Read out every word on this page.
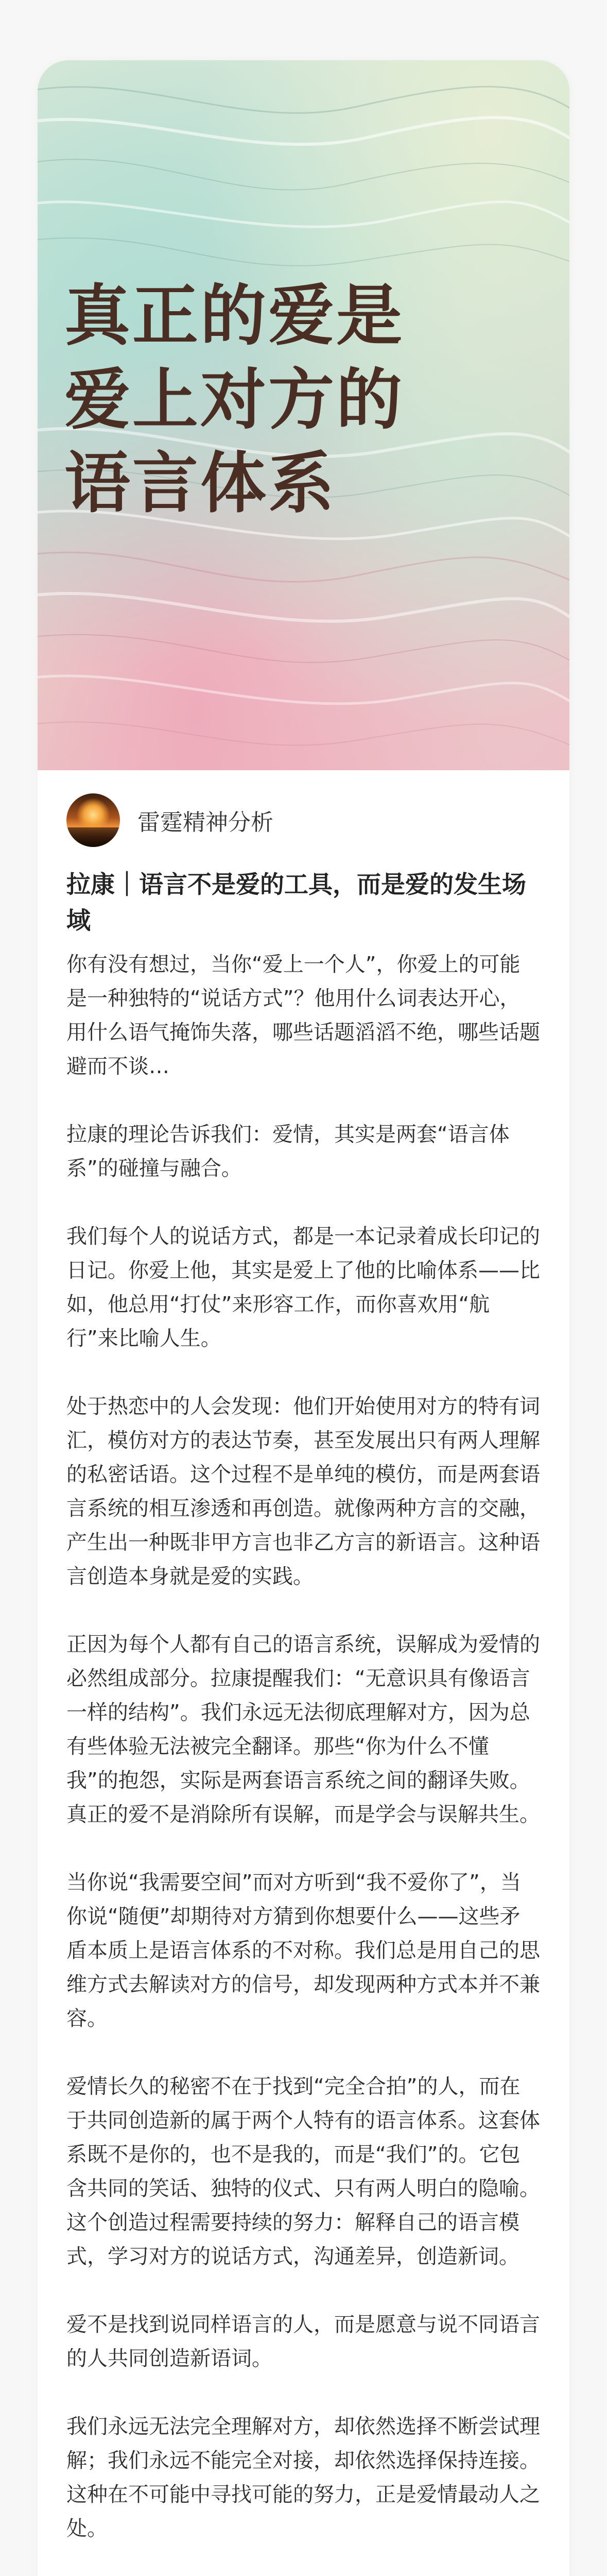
真正的爱是
爱上对方的
语言体系
雷霆精神分析
拉康｜语言不是爱的工具，而是爱的发生场域

你有没有想过，当你“爱上一个人”，你爱上的可能是一种独特的“说话方式”？他用什么词表达开心，用什么语气掩饰失落，哪些话题滔滔不绝，哪些话题避而不谈…

拉康的理论告诉我们：爱情，其实是两套“语言体系”的碰撞与融合。

我们每个人的说话方式，都是一本记录着成长印记的日记。你爱上他，其实是爱上了他的比喻体系——比如，他总用“打仗”来形容工作，而你喜欢用“航行”来比喻人生。

处于热恋中的人会发现：他们开始使用对方的特有词汇，模仿对方的表达节奏，甚至发展出只有两人理解的私密话语。这个过程不是单纯的模仿，而是两套语言系统的相互渗透和再创造。就像两种方言的交融，产生出一种既非甲方言也非乙方言的新语言。这种语言创造本身就是爱的实践。

正因为每个人都有自己的语言系统，误解成为爱情的必然组成部分。拉康提醒我们：“无意识具有像语言一样的结构”。我们永远无法彻底理解对方，因为总有些体验无法被完全翻译。那些“你为什么不懂我”的抱怨，实际是两套语言系统之间的翻译失败。真正的爱不是消除所有误解，而是学会与误解共生。

当你说“我需要空间”而对方听到“我不爱你了”，当你说“随便”却期待对方猜到你想要什么——这些矛盾本质上是语言体系的不对称。我们总是用自己的思维方式去解读对方的信号，却发现两种方式本并不兼容。

爱情长久的秘密不在于找到“完全合拍”的人，而在于共同创造新的属于两个人特有的语言体系。这套体系既不是你的，也不是我的，而是“我们”的。它包含共同的笑话、独特的仪式、只有两人明白的隐喻。这个创造过程需要持续的努力：解释自己的语言模式，学习对方的说话方式，沟通差异，创造新词。

爱不是找到说同样语言的人，而是愿意与说不同语言的人共同创造新语词。

我们永远无法完全理解对方，却依然选择不断尝试理解；我们永远不能完全对接，却依然选择保持连接。这种在不可能中寻找可能的努力，正是爱情最动人之处。
